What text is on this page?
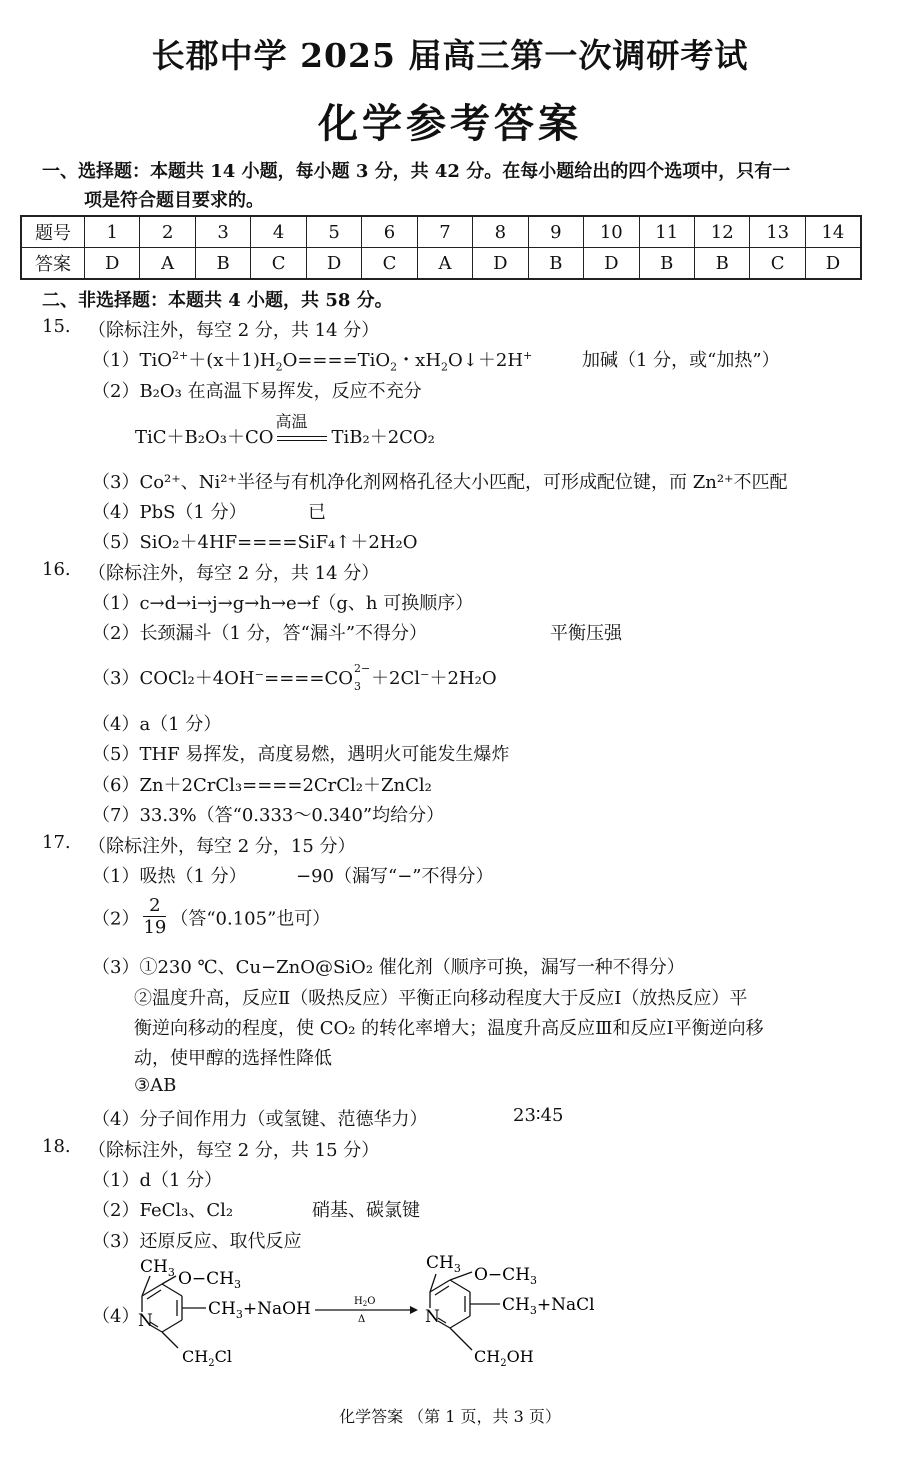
长郡中学 2025 届高三第一次调研考试
化学参考答案
一、选择题：本题共 14 小题，每小题 3 分，共 42 分。在每小题给出的四个选项中，只有一
项是符合题目要求的。
题号	1	2	3	4	5	6	7	8	9	10	11	12	13	14
答案	D	A	B	C	D	C	A	D	B	D	B	B	C	D
二、非选择题：本题共 4 小题，共 58 分。
15. （除标注外，每空 2 分，共 14 分）
$(1)TiO^{2+}+(x+1)H_2O====TiO_2$・$xH_2O↓+2H^+$	加碱（1 分，或“加热”）
（2）B₂O₃ 在高温下易挥发，反应不充分
TiC＋B₂O₃＋CO
高温
TiB₂＋2CO₂
（3）Co²⁺、Ni²⁺半径与有机净化剂网格孔径大小匹配，可形成配位键，而 Zn²⁺不匹配
（4）PbS（1 分）	已
（5）SiO₂＋4HF====SiF₄↑＋2H₂O
16. （除标注外，每空 2 分，共 14 分）
（1）c→d→i→j→g→h→e→f（g、h 可换顺序）
（2）长颈漏斗（1 分，答“漏斗”不得分）	平衡压强
（3）COCl₂＋4OH⁻====CO 2−
3 ＋2Cl⁻＋2H₂O
（4）a（1 分）
（5）THF 易挥发，高度易燃，遇明火可能发生爆炸
（6）Zn＋2CrCl₃====2CrCl₂＋ZnCl₂
（7）33.3%（答“0.333～0.340”均给分）
17. （除标注外，每空 2 分，15 分）
（1）吸热（1 分）	−90（漏写“−”不得分）
$(2) \frac{2}{19}$ （答“0.105”也可）
（3）①230 ℃、Cu−ZnO@SiO₂ 催化剂（顺序可换，漏写一种不得分）
②温度升高，反应Ⅱ（吸热反应）平衡正向移动程度大于反应Ⅰ（放热反应）平
衡逆向移动的程度，使 CO₂ 的转化率增大；温度升高反应Ⅲ和反应Ⅰ平衡逆向移
动，使甲醇的选择性降低
③AB
（4）分子间作用力（或氢键、范德华力）	23∶45
18. （除标注外，每空 2 分，共 15 分）
（1）d（1 分）
（2）FeCl₃、Cl₂	硝基、碳氯键
（3）还原反应、取代反应
（4）
$CH_3$ $O-CH_3$
$CH_3+NaOH$
N
$CH_2Cl$
$H_2O$
Δ
$CH_3$ $O-CH_3$
$CH_3+NaCl$
N
$CH_2OH$
化学答案 （第 1 页，共 3 页）
